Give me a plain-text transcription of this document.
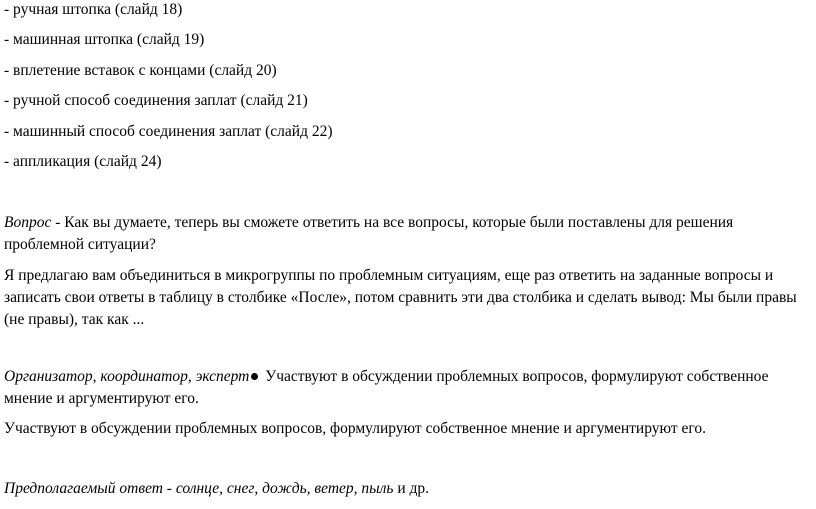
- ручная штопка (слайд 18)
- машинная штопка (слайд 19)
- вплетение вставок с концами (слайд 20)
- ручной способ соединения заплат (слайд 21)
- машинный способ соединения заплат (слайд 22)
- аппликация (слайд 24)
Вопрос - Как вы думаете, теперь вы сможете ответить на все вопросы, которые были поставлены для решения проблемной ситуации?
Я предлагаю вам объединиться в микрогруппы по проблемным ситуациям, еще раз ответить на заданные вопросы и записать свои ответы в таблицу в столбике «После», потом сравнить эти два столбика и сделать вывод: Мы были правы (не правы), так как ...
Организатор, координатор, эксперт Участвуют в обсуждении проблемных вопросов, формулируют собственное мнение и аргументируют его.
Участвуют в обсуждении проблемных вопросов, формулируют собственное мнение и аргументируют его.
Предполагаемый ответ - солнце, снег, дождь, ветер, пыль и др.
